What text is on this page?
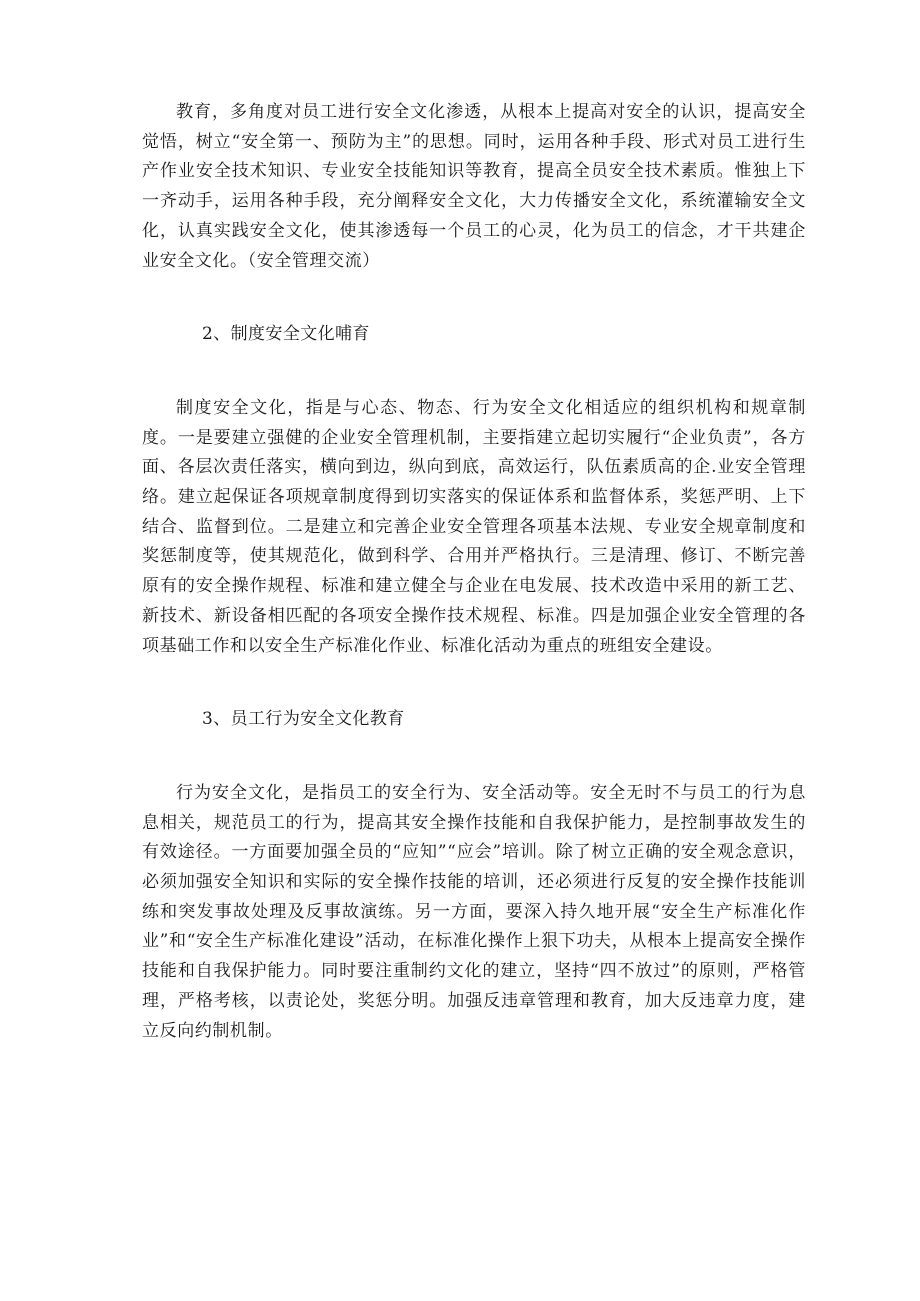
教育，多角度对员工进行安全文化渗透，从根本上提高对安全的认识，提高安全觉悟，树立“安全第一、预防为主”的思想。同时，运用各种手段、形式对员工进行生产作业安全技术知识、专业安全技能知识等教育，提高全员安全技术素质。惟独上下一齐动手，运用各种手段，充分阐释安全文化，大力传播安全文化，系统灌输安全文化，认真实践安全文化，使其渗透每一个员工的心灵，化为员工的信念，才干共建企业安全文化。（安全管理交流）

2、制度安全文化哺育

制度安全文化，指是与心态、物态、行为安全文化相适应的组织机构和规章制度。一是要建立强健的企业安全管理机制，主要指建立起切实履行“企业负责”，各方面、各层次责任落实，横向到边，纵向到底，高效运行，队伍素质高的企.业安全管理络。建立起保证各项规章制度得到切实落实的保证体系和监督体系，奖惩严明、上下结合、监督到位。二是建立和完善企业安全管理各项基本法规、专业安全规章制度和奖惩制度等，使其规范化，做到科学、合用并严格执行。三是清理、修订、不断完善原有的安全操作规程、标准和建立健全与企业在电发展、技术改造中采用的新工艺、新技术、新设备相匹配的各项安全操作技术规程、标准。四是加强企业安全管理的各项基础工作和以安全生产标准化作业、标准化活动为重点的班组安全建设。

3、员工行为安全文化教育

行为安全文化，是指员工的安全行为、安全活动等。安全无时不与员工的行为息息相关，规范员工的行为，提高其安全操作技能和自我保护能力，是控制事故发生的有效途径。一方面要加强全员的“应知”“应会”培训。除了树立正确的安全观念意识，必须加强安全知识和实际的安全操作技能的培训，还必须进行反复的安全操作技能训练和突发事故处理及反事故演练。另一方面，要深入持久地开展“安全生产标准化作业”和“安全生产标准化建设”活动，在标准化操作上狠下功夫，从根本上提高安全操作技能和自我保护能力。同时要注重制约文化的建立，坚持“四不放过”的原则，严格管理，严格考核，以责论处，奖惩分明。加强反违章管理和教育，加大反违章力度，建立反向约制机制。
